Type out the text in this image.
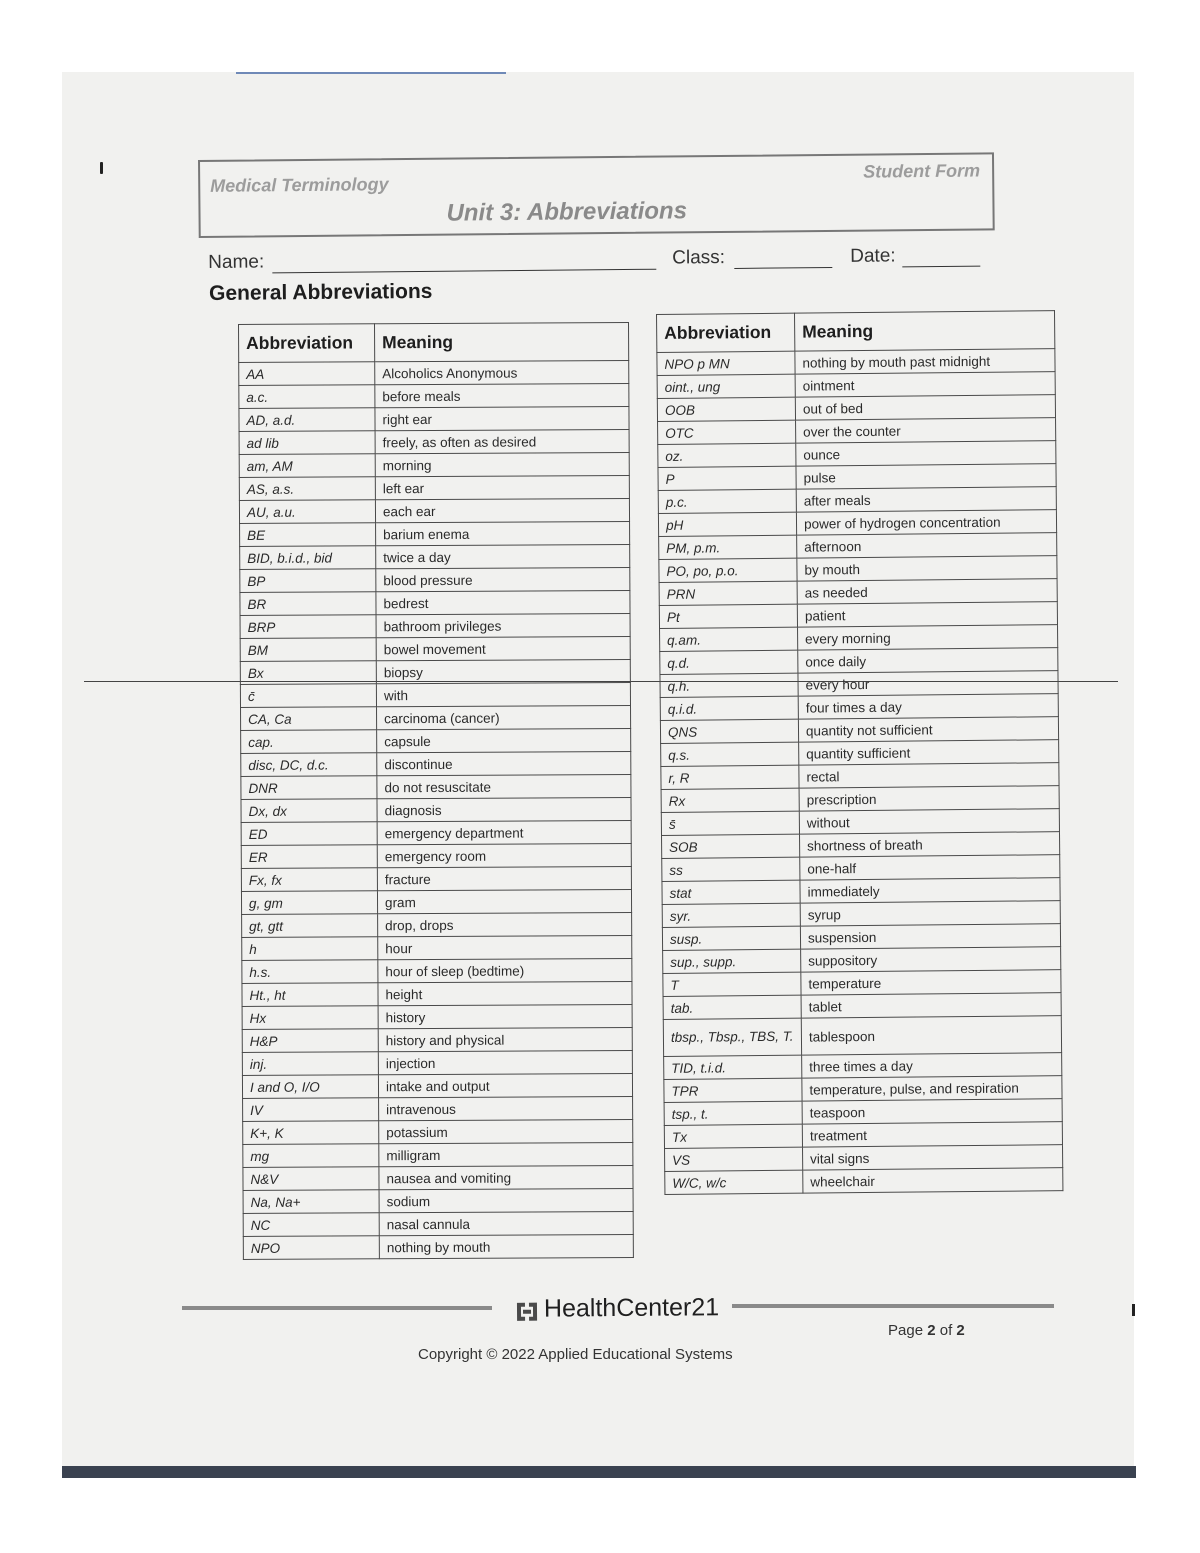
Medical Terminology
Student Form
Unit 3: Abbreviations
Name:	Class:	Date:
General Abbreviations
Abbreviation	Meaning
AA	Alcoholics Anonymous
a.c.	before meals
AD, a.d.	right ear
ad lib	freely, as often as desired
am, AM	morning
AS, a.s.	left ear
AU, a.u.	each ear
BE	barium enema
BID, b.i.d., bid	twice a day
BP	blood pressure
BR	bedrest
BRP	bathroom privileges
BM	bowel movement
Bx	biopsy
c̄	with
CA, Ca	carcinoma (cancer)
cap.	capsule
disc, DC, d.c.	discontinue
DNR	do not resuscitate
Dx, dx	diagnosis
ED	emergency department
ER	emergency room
Fx, fx	fracture
g, gm	gram
gt, gtt	drop, drops
h	hour
h.s.	hour of sleep (bedtime)
Ht., ht	height
Hx	history
H&P	history and physical
inj.	injection
I and O, I/O	intake and output
IV	intravenous
K+, K	potassium
mg	milligram
N&V	nausea and vomiting
Na, Na+	sodium
NC	nasal cannula
NPO	nothing by mouth
Abbreviation	Meaning
NPO p MN	nothing by mouth past midnight
oint., ung	ointment
OOB	out of bed
OTC	over the counter
oz.	ounce
P	pulse
p.c.	after meals
pH	power of hydrogen concentration
PM, p.m.	afternoon
PO, po, p.o.	by mouth
PRN	as needed
Pt	patient
q.am.	every morning
q.d.	once daily
q.h.	every hour
q.i.d.	four times a day
QNS	quantity not sufficient
q.s.	quantity sufficient
r, R	rectal
Rx	prescription
s̄	without
SOB	shortness of breath
ss	one-half
stat	immediately
syr.	syrup
susp.	suspension
sup., supp.	suppository
T	temperature
tab.	tablet
tbsp., Tbsp., TBS, T.	tablespoon
TID, t.i.d.	three times a day
TPR	temperature, pulse, and respiration
tsp., t.	teaspoon
Tx	treatment
VS	vital signs
W/C, w/c	wheelchair
HealthCenter21
Page 2 of 2
Copyright © 2022 Applied Educational Systems
